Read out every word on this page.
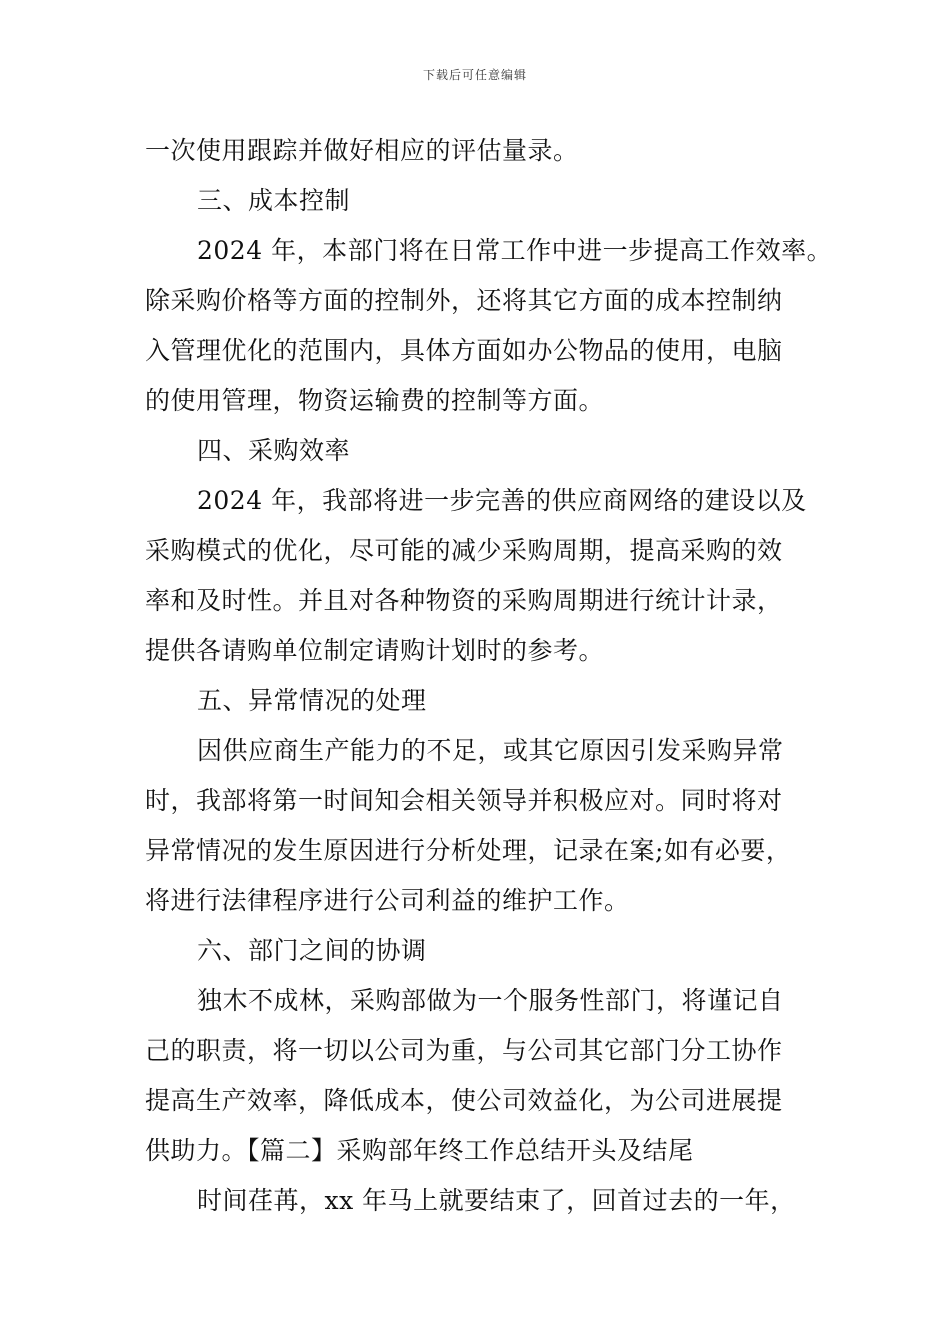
下载后可任意编辑
一次使用跟踪并做好相应的评估量录。
三、成本控制
2024 年，本部门将在日常工作中进一步提高工作效率。
除采购价格等方面的控制外，还将其它方面的成本控制纳
入管理优化的范围内，具体方面如办公物品的使用，电脑
的使用管理，物资运输费的控制等方面。
四、采购效率
2024 年，我部将进一步完善的供应商网络的建设以及
采购模式的优化，尽可能的减少采购周期，提高采购的效
率和及时性。并且对各种物资的采购周期进行统计计录，
提供各请购单位制定请购计划时的参考。
五、异常情况的处理
因供应商生产能力的不足，或其它原因引发采购异常
时，我部将第一时间知会相关领导并积极应对。同时将对
异常情况的发生原因进行分析处理，记录在案;如有必要，
将进行法律程序进行公司利益的维护工作。
六、部门之间的协调
独木不成林，采购部做为一个服务性部门，将谨记自
己的职责，将一切以公司为重，与公司其它部门分工协作
提高生产效率，降低成本，使公司效益化，为公司进展提
供助力。【篇二】采购部年终工作总结开头及结尾
时间荏苒，xx 年马上就要结束了，回首过去的一年，
